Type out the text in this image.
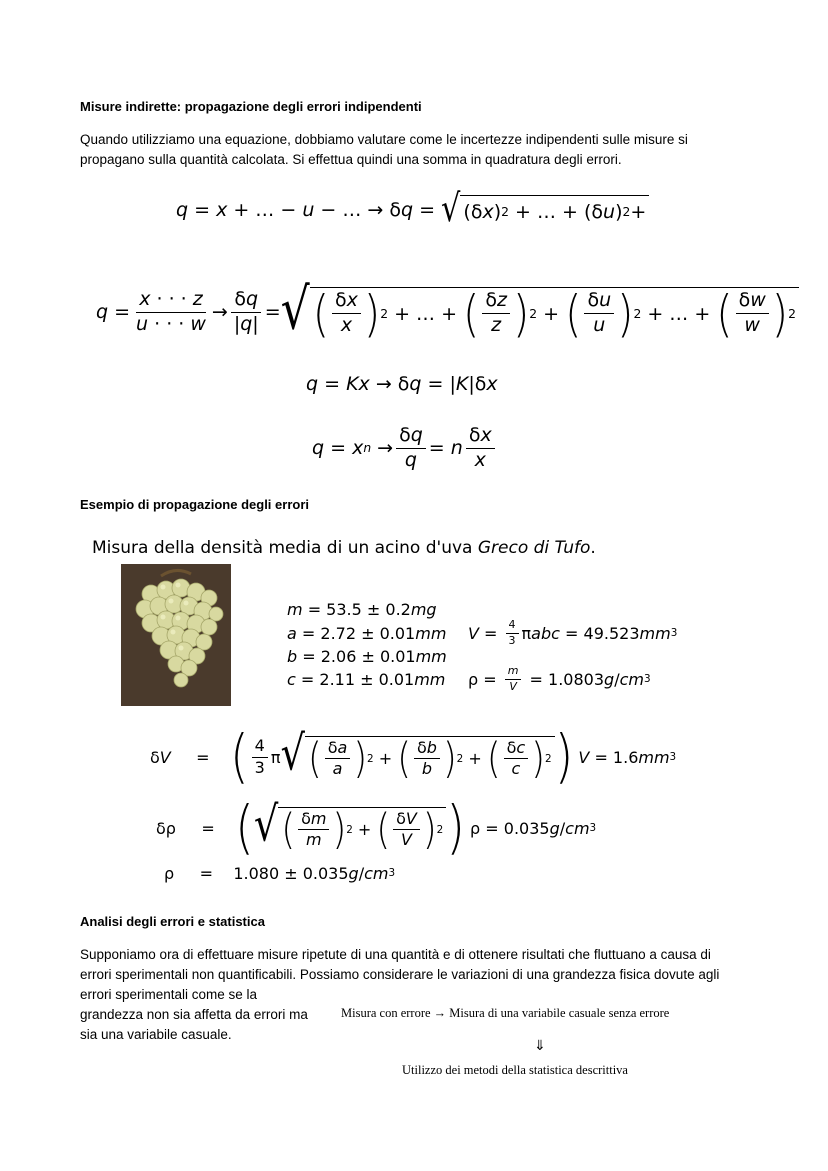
Misure indirette: propagazione degli errori indipendenti
Quando utilizziamo una equazione, dobbiamo valutare come le incertezze indipendenti sulle misure si
propagano sulla quantità calcolata. Si effettua quindi una somma in quadratura degli errori.
q = x + … − u − … → δ q = √ (δ x ) 2 + … + (δ u ) 2 +
$q = \frac{x \cdot \cdot \cdot z}{u \cdot \cdot \cdot w} \to \frac{\delta q}{|q|}$ = √ ( $\frac{\delta x}{x}$ ) 2 + … + ( $\frac{\delta z}{z}$ ) 2 + ( $\frac{\delta u}{u}$ ) 2 + … + ( $\frac{\delta w}{w}$ ) 2
q = Kx → δ q = | K |δ x
q = x $n \to \frac{\delta q}{q} = n \frac{\delta x}{x}$
Esempio di propagazione degli errori
Misura della densità media di un acino d'uva Greco di Tufo.
m
= 53.5 ± 0.2 mg
a
= 2.72 ± 0.01 mm
b
= 2.06 ± 0.01 mm
c
= 2.11 ± 0.01 mm
$V = \frac{4}{3}$ π abc
= 49.523 mm 3
$\rho = \frac{m}{V}$
= 1.0803 g / cm 3
δ V = ( $\frac{4}{3}$ π √ ( $\frac{\delta a}{a}$ ) 2 + ( $\frac{\delta b}{b}$ ) 2 + ( $\frac{\delta c}{c}$ ) 2 )
V
= 1.6 mm 3
δρ     = ( √ ( $\frac{\delta m}{m}$ ) 2 + ( $\frac{\delta V}{V}$ ) 2 ) ρ = 0.035 g / cm 3
ρ     = 1.080 ± 0.035 g / cm 3
Analisi degli errori e statistica
Supponiamo ora di effettuare misure ripetute di una quantità e di ottenere risultati che fluttuano a causa di
errori sperimentali non quantificabili. Possiamo considerare le variazioni di una grandezza fisica dovute agli
errori sperimentali come se la
grandezza non sia affetta da errori ma
sia una variabile casuale.
Misura con errore → Misura di una variabile casuale senza errore
⇓
Utilizzo dei metodi della statistica descrittiva
